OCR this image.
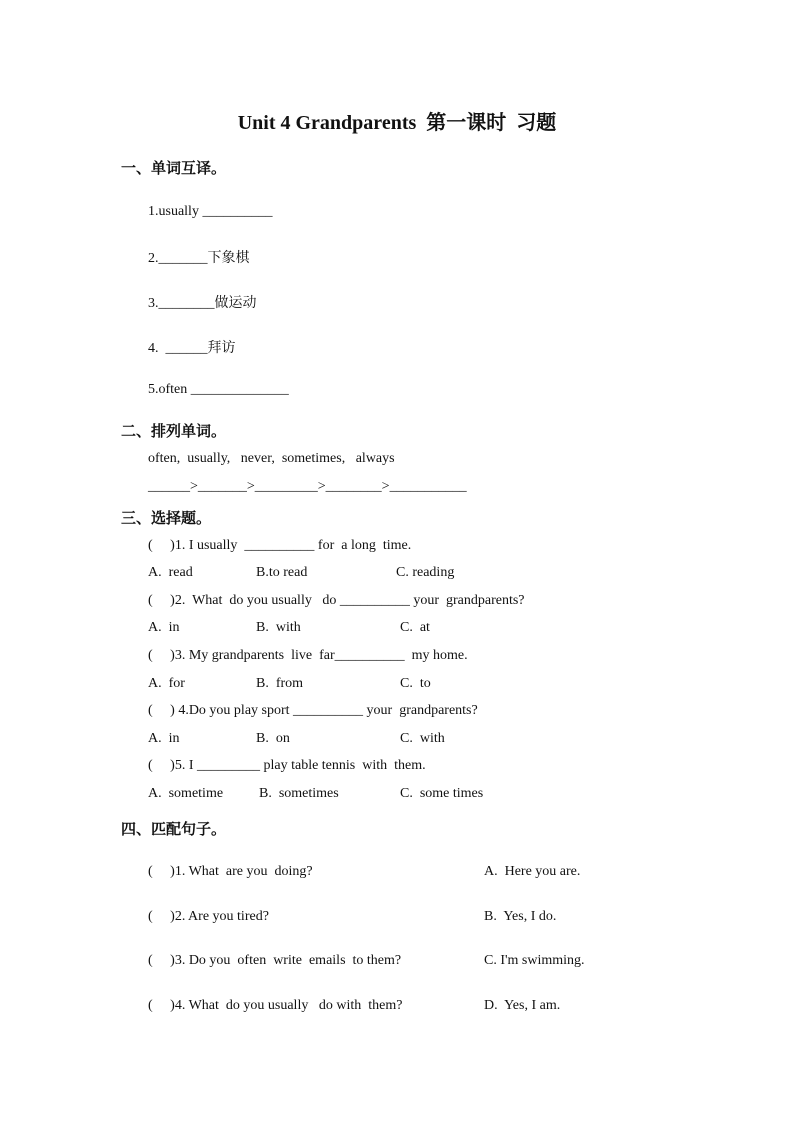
Unit 4 Grandparents  第一课时  习题
一、单词互译。
1.usually __________
2._______下象棋
3.________做运动
4.  ______拜访
5.often ______________
二、排列单词。
often,  usually,   never,  sometimes,   always
______>_______>_________>________>___________
三、选择题。
(     )1. I usually  __________ for  a long  time.
A.  read	B.to read	C. reading
(     )2.  What  do you usually   do __________ your  grandparents?
A.  in	B.  with	C.  at
(     )3. My grandparents  live  far__________  my home.
A.  for	B.  from	C.  to
(     ) 4.Do you play sport __________ your  grandparents?
A.  in	B.  on	C.  with
(     )5. I _________ play table tennis  with  them.
A.  sometime	B.  sometimes	C.  some times
四、匹配句子。
(     )1. What  are you  doing?	A.  Here you are.
(     )2. Are you tired?	B.  Yes, I do.
(     )3. Do you  often  write  emails  to them?	C. I'm swimming.
(     )4. What  do you usually   do with  them?	D.  Yes, I am.
